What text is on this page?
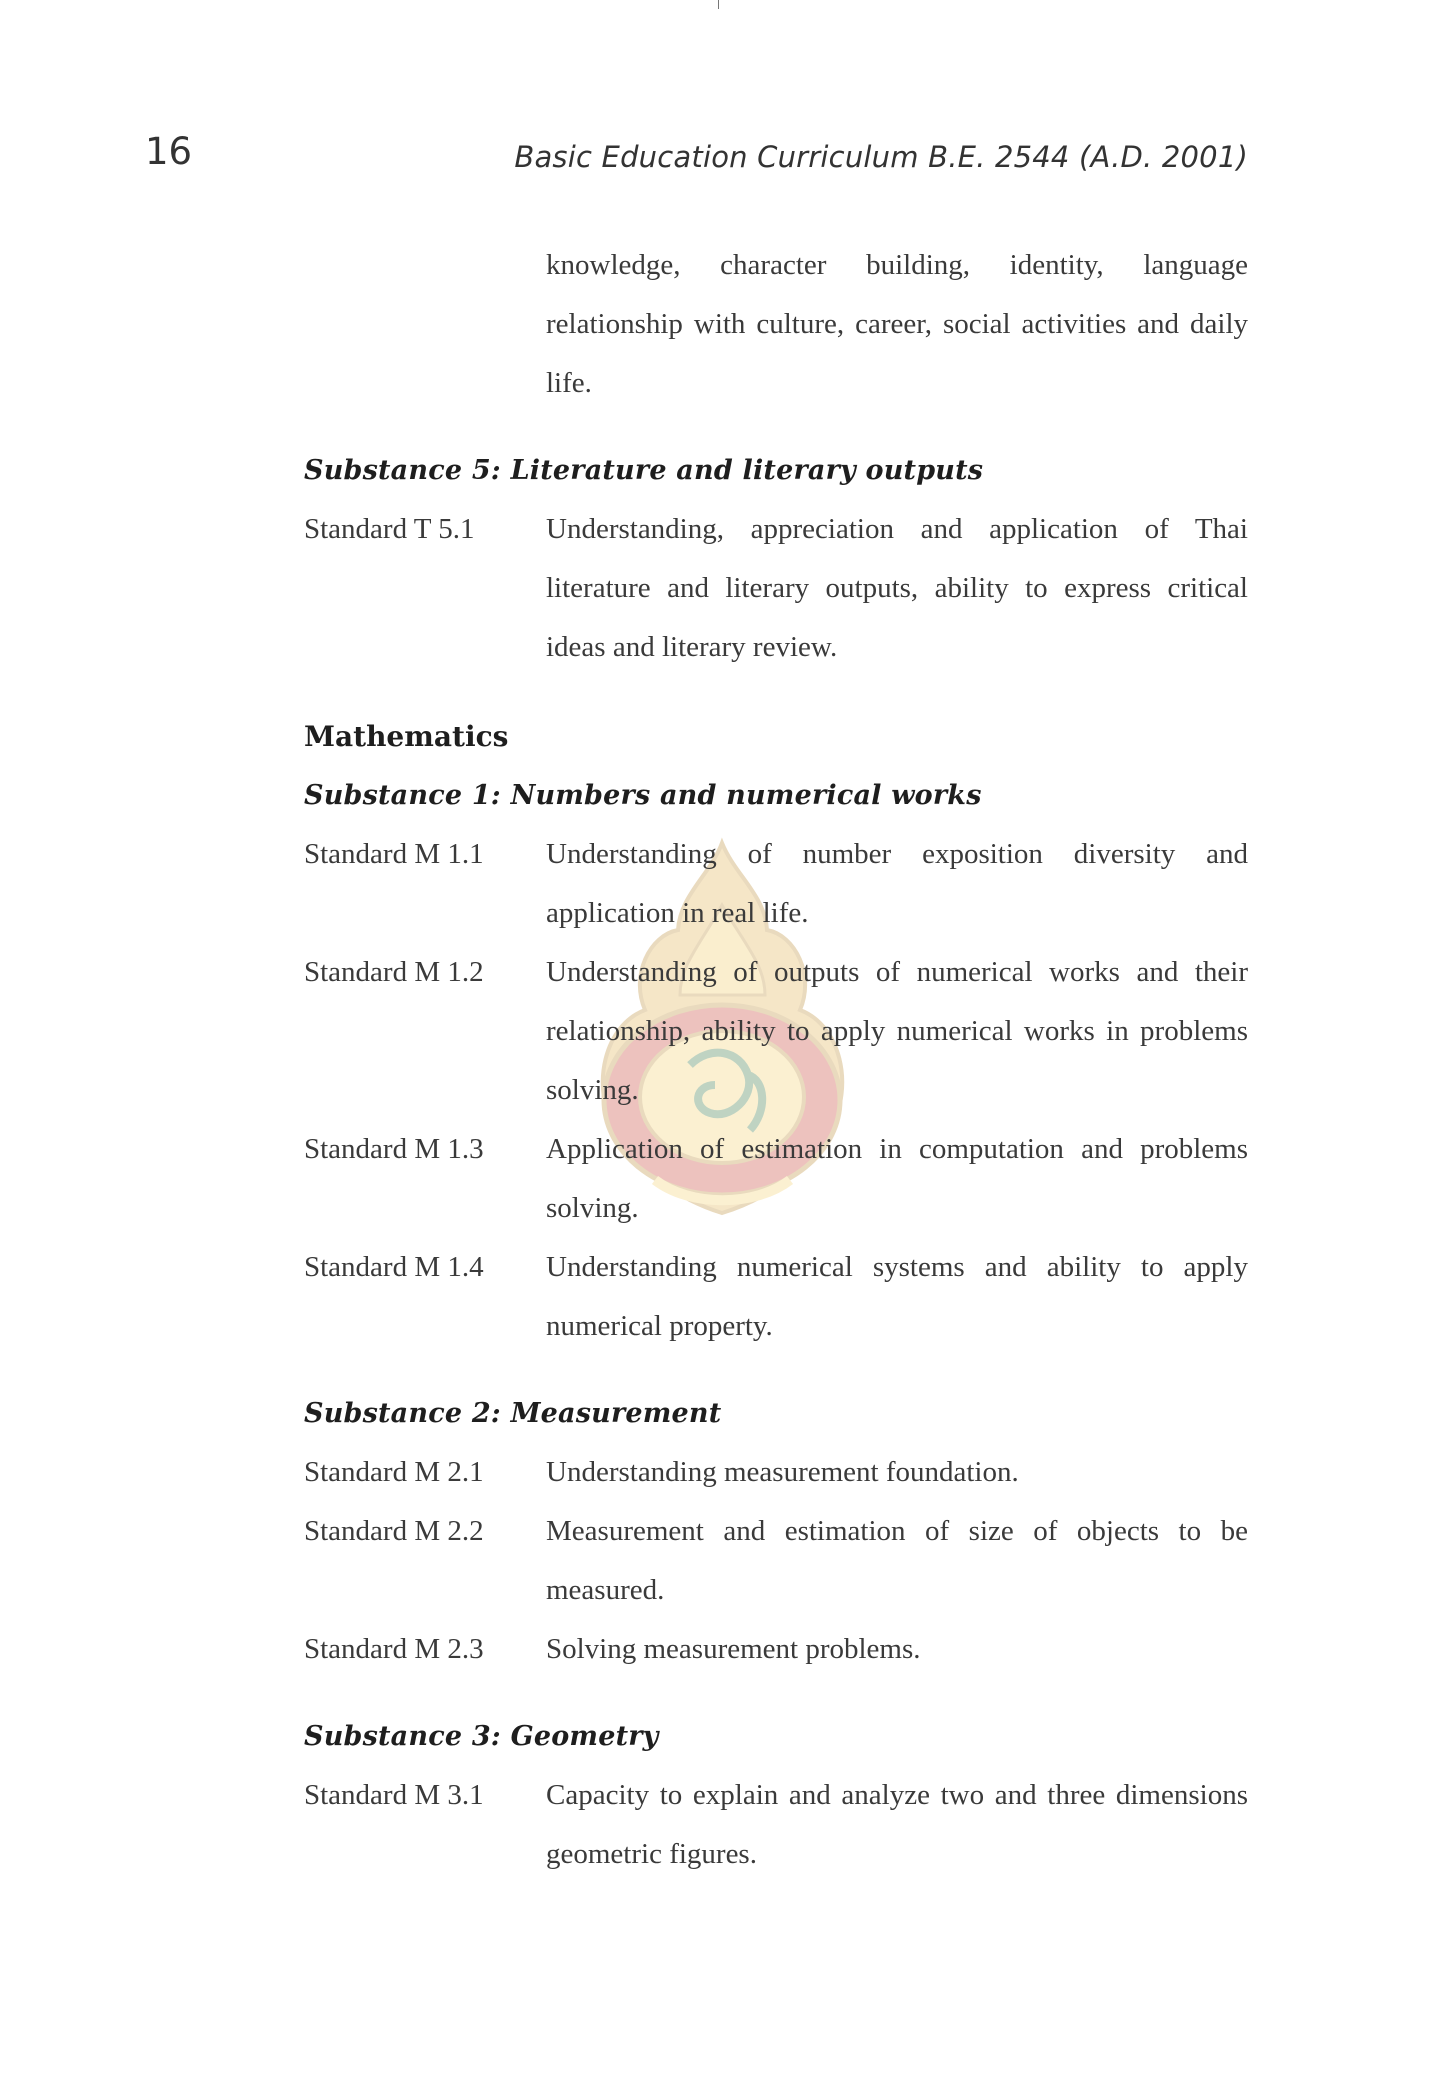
16	Basic Education Curriculum B.E. 2544 (A.D. 2001)

knowledge, character building, identity, language relationship with culture, career, social activities and daily life.

Substance 5: Literature and literary outputs
Standard T 5.1	Understanding, appreciation and application of Thai literature and literary outputs, ability to express critical ideas and literary review.
Mathematics
Substance 1: Numbers and numerical works
Standard M 1.1	Understanding of number exposition diversity and application in real life.
Standard M 1.2	Understanding of outputs of numerical works and their relationship, ability to apply numerical works in problems solving.
Standard M 1.3	Application of estimation in computation and problems solving.
Standard M 1.4	Understanding numerical systems and ability to apply numerical property.
Substance 2: Measurement
Standard M 2.1	Understanding measurement foundation.
Standard M 2.2	Measurement and estimation of size of objects to be measured.
Standard M 2.3	Solving measurement problems.
Substance 3: Geometry
Standard M 3.1	Capacity to explain and analyze two and three dimensions geometric figures.
